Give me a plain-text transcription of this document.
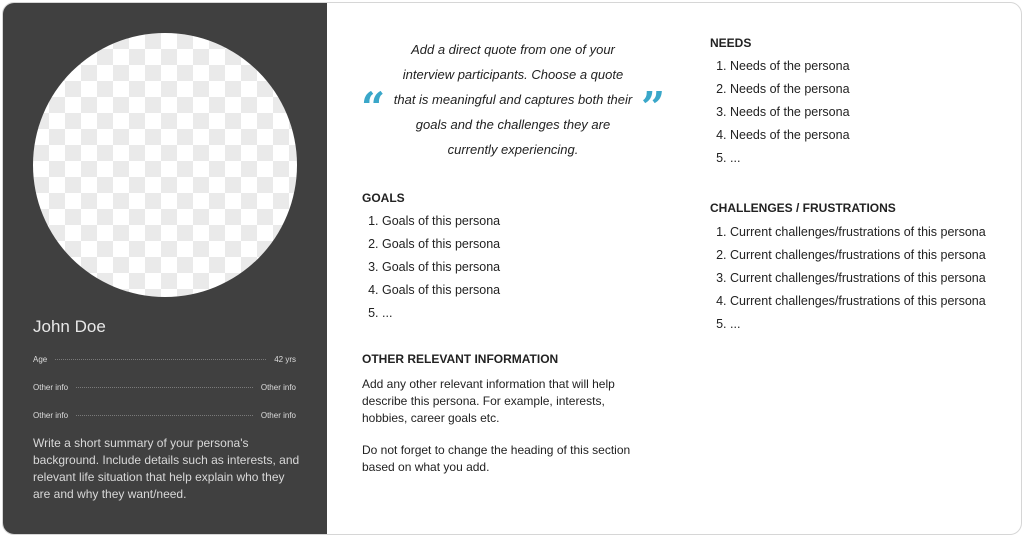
John Doe
Age	42 yrs
Other info	Other info
Other info	Other info
Write a short summary of your persona's background. Include details such as interests, and relevant life situation that help explain who they are and why they want/need.
“
Add a direct quote from one of your interview participants. Choose a quote that is meaningful and captures both their goals and the challenges they are currently experiencing.
”
GOALS
1. Goals of this persona
2. Goals of this persona
3. Goals of this persona
4. Goals of this persona
5. ...
OTHER RELEVANT INFORMATION
Add any other relevant information that will help describe this persona. For example, interests, hobbies, career goals etc.
Do not forget to change the heading of this section based on what you add.
NEEDS
1. Needs of the persona
2. Needs of the persona
3. Needs of the persona
4. Needs of the persona
5. ...
CHALLENGES / FRUSTRATIONS
1. Current challenges/frustrations of this persona
2. Current challenges/frustrations of this persona
3. Current challenges/frustrations of this persona
4. Current challenges/frustrations of this persona
5. ...
